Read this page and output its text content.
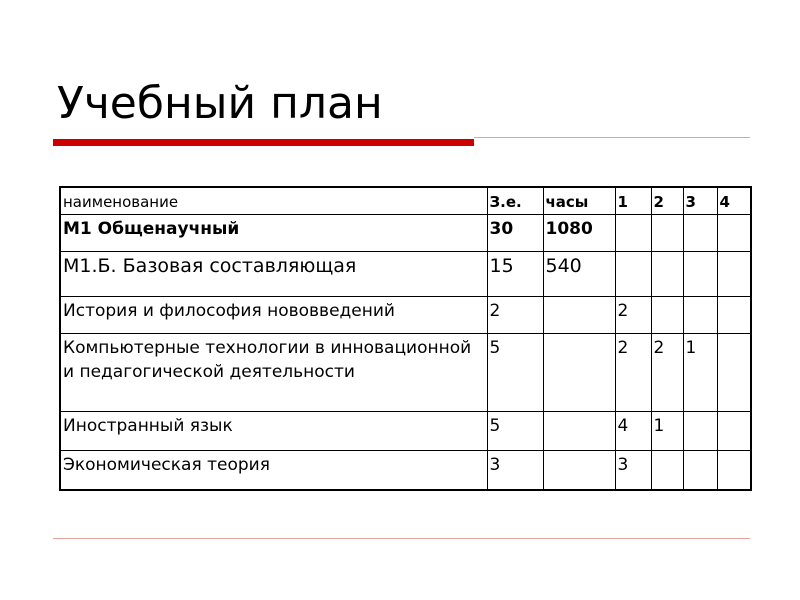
Учебный план
наименование	З.е.	часы	1	2	3	4
М1 Общенаучный	30	1080				
М1.Б. Базовая составляющая	15	540				
История и философия нововведений	2		2			
Компьютерные технологии в инновационной и педагогической деятельности	5		2	2	1	
Иностранный язык	5		4	1		
Экономическая теория	3		3			
